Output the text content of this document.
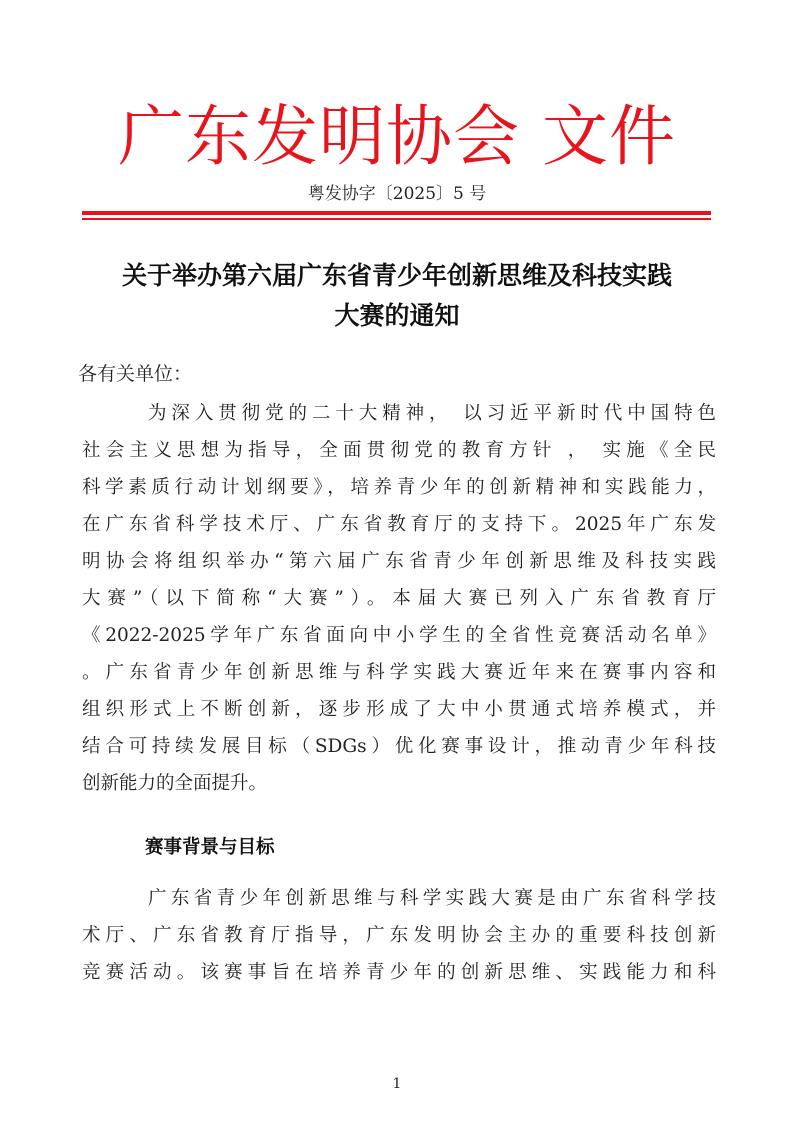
广东发明协会 文件
粤发协字〔2025〕5 号
关于举办第六届广东省青少年创新思维及科技实践
大赛的通知
各有关单位：
为深入贯彻党的二十大精神， 以习近平新时代中国特色
社会主义思想为指导，全面贯彻党的教育方针 ， 实施《全民
科学素质行动计划纲要》，培养青少年的创新精神和实践能力，
在广东省科学技术厅、广东省教育厅的支持下。2025年广东发
明协会将组织举办“第六届广东省青少年创新思维及科技实践
大赛”（以下简称“大赛”）。本届大赛已列入广东省教育厅
《2022-2025学年广东省面向中小学生的全省性竞赛活动名单》
。广东省青少年创新思维与科学实践大赛近年来在赛事内容和
组织形式上不断创新，逐步形成了大中小贯通式培养模式，并
结合可持续发展目标（SDGs）优化赛事设计，推动青少年科技
创新能力的全面提升。
赛事背景与目标
广东省青少年创新思维与科学实践大赛是由广东省科学技
术厅、广东省教育厅指导，广东发明协会主办的重要科技创新
竞赛活动。该赛事旨在培养青少年的创新思维、实践能力和科
1
